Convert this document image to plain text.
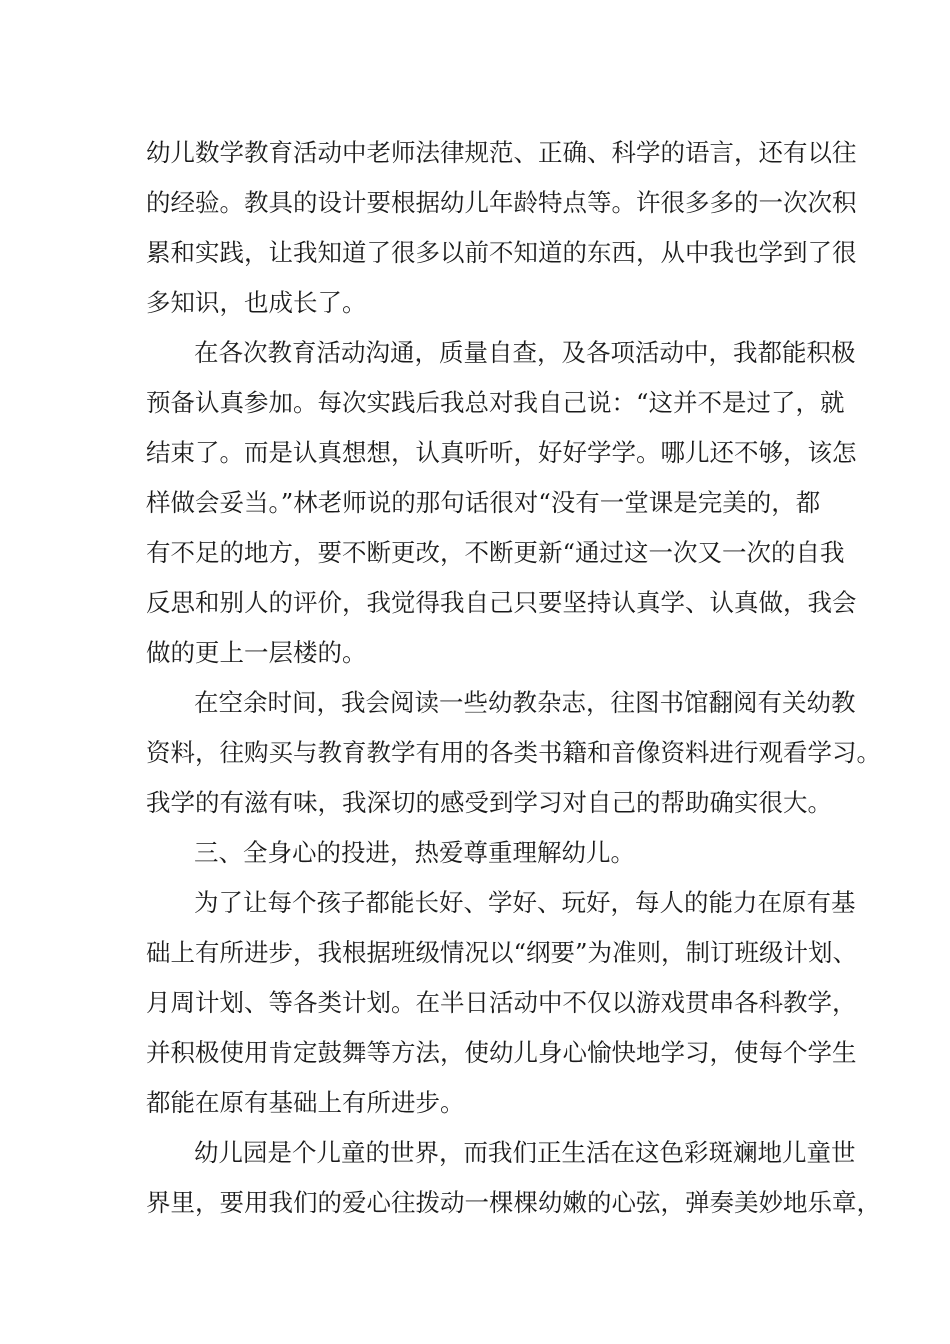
幼儿数学教育活动中老师法律规范、正确、科学的语言，还有以往
的经验。教具的设计要根据幼儿年龄特点等。许很多多的一次次积
累和实践，让我知道了很多以前不知道的东西，从中我也学到了很
多知识，也成长了。
在各次教育活动沟通，质量自查，及各项活动中，我都能积极
预备认真参加。每次实践后我总对我自己说：“这并不是过了，就
结束了。而是认真想想，认真听听，好好学学。哪儿还不够，该怎
样做会妥当。”林老师说的那句话很对“没有一堂课是完美的，都
有不足的地方，要不断更改，不断更新“通过这一次又一次的自我
反思和别人的评价，我觉得我自己只要坚持认真学、认真做，我会
做的更上一层楼的。
在空余时间，我会阅读一些幼教杂志，往图书馆翻阅有关幼教
资料，往购买与教育教学有用的各类书籍和音像资料进行观看学习。
我学的有滋有味，我深切的感受到学习对自己的帮助确实很大。
三、全身心的投进，热爱尊重理解幼儿。
为了让每个孩子都能长好、学好、玩好，每人的能力在原有基
础上有所进步，我根据班级情况以“纲要”为准则，制订班级计划、
月周计划、等各类计划。在半日活动中不仅以游戏贯串各科教学，
并积极使用肯定鼓舞等方法，使幼儿身心愉快地学习，使每个学生
都能在原有基础上有所进步。
幼儿园是个儿童的世界，而我们正生活在这色彩斑斓地儿童世
界里，要用我们的爱心往拨动一棵棵幼嫩的心弦，弹奏美妙地乐章，
